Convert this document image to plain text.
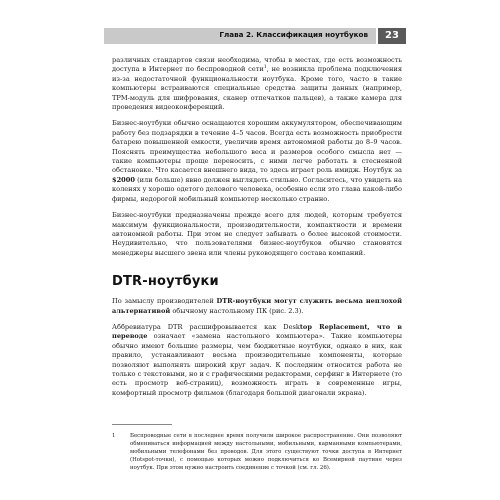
Глава 2. Классификация ноутбуков	23

различных стандартов связи необходима, чтобы в местах, где есть возможность доступа в Интернет по беспроводной сети$^1$, не возникла проблема подключения из-за недостаточной функциональности ноутбука. Кроме того, часто в такие компьютеры встраиваются специальные средства защиты данных (например, ТРМ-модуль для шифрования, сканер отпечатков пальцев), а также камера для проведения видеоконференций.

Бизнес-ноутбуки обычно оснащаются хорошим аккумулятором, обеспечивающим работу без подзарядки в течение 4–5 часов. Всегда есть возможность приобрести батарею повышенной емкости, увеличив время автономной работы до 8–9 часов. Пояснять преимущества небольшого веса и размеров особого смысла нет — такие компьютеры проще переносить, с ними легче работать в стесненной обстановке. Что касается внешнего вида, то здесь играет роль имидж. Ноутбук за $2000 (или больше) явно должен выглядеть стильно. Согласитесь, что увидеть на коленях у хорошо одетого делового человека, особенно если это глава какой-либо фирмы, недорогой мобильный компьютер несколько странно.

Бизнес-ноутбуки предназначены прежде всего для людей, которым требуется максимум функциональности, производительности, компактности и времени автономной работы. При этом не следует забывать о более высокой стоимости. Неудивительно, что пользователями бизнес-ноутбуков обычно становятся менеджеры высшего звена или члены руководящего состава компаний.

DTR-ноутбуки

По замыслу производителей DTR-ноутбуки могут служить весьма неплохой альтернативой обычному настольному ПК (рис. 2.3).

Аббревиатура DTR расшифровывается как Desktop Replacement, что в переводе означает «замена настольного компьютера». Такие компьютеры обычно имеют большие размеры, чем бюджетные ноутбуки, однако в них, как правило, устанавливают весьма производительные компоненты, которые позволяют выполнять широкий круг задач. К последним относится работа не только с текстовыми, но и с графическими редакторами, серфинг в Интернете (то есть просмотр веб-страниц), возможность играть в современные игры, комфортный просмотр фильмов (благодаря большой диагонали экрана).

1	Беспроводные сети в последнее время получили широкое распространение. Они позволяют обмениваться информацией между настольными, мобильными, карманными компьютерами, мобильными телефонами без проводов. Для этого существуют точки доступа в Интернет (Hotspot-точки), с помощью которых можно подключиться ко Всемирной паутине через ноутбук. При этом нужно настроить соединение с точкой (см. гл. 26).
